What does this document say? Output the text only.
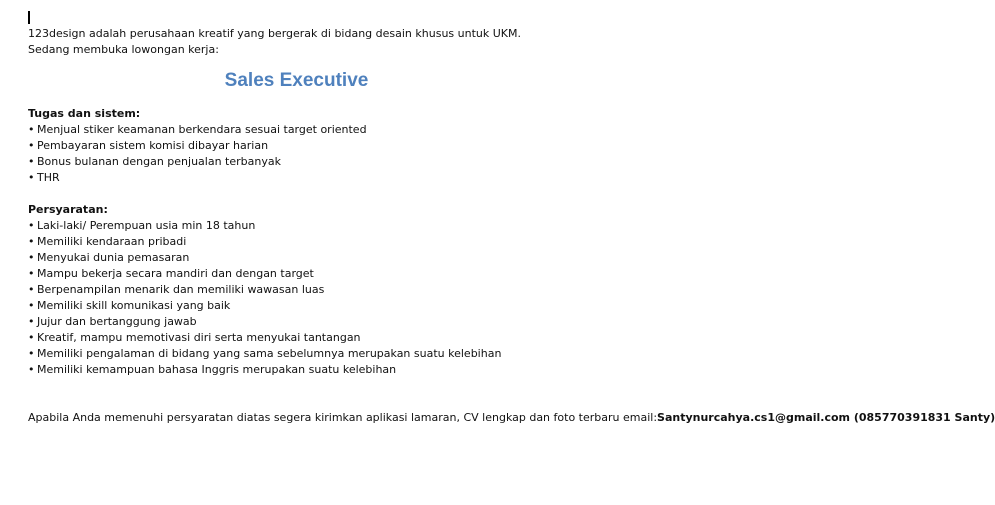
123design adalah perusahaan kreatif yang bergerak di bidang desain khusus untuk UKM.

Sedang membuka lowongan kerja:

Sales Executive

Tugas dan sistem:

• Menjual stiker keamanan berkendara sesuai target oriented
• Pembayaran sistem komisi dibayar harian
• Bonus bulanan dengan penjualan terbanyak
• THR

Persyaratan:

• Laki-laki/ Perempuan usia min 18 tahun
• Memiliki kendaraan pribadi
• Menyukai dunia pemasaran
• Mampu bekerja secara mandiri dan dengan target
• Berpenampilan menarik dan memiliki wawasan luas
• Memiliki skill komunikasi yang baik
• Jujur dan bertanggung jawab
• Kreatif, mampu memotivasi diri serta menyukai tantangan
• Memiliki pengalaman di bidang yang sama sebelumnya merupakan suatu kelebihan
• Memiliki kemampuan bahasa Inggris merupakan suatu kelebihan

Apabila Anda memenuhi persyaratan diatas segera kirimkan aplikasi lamaran, CV lengkap dan foto terbaru email:Santynurcahya.cs1@gmail.com (085770391831 Santy)
